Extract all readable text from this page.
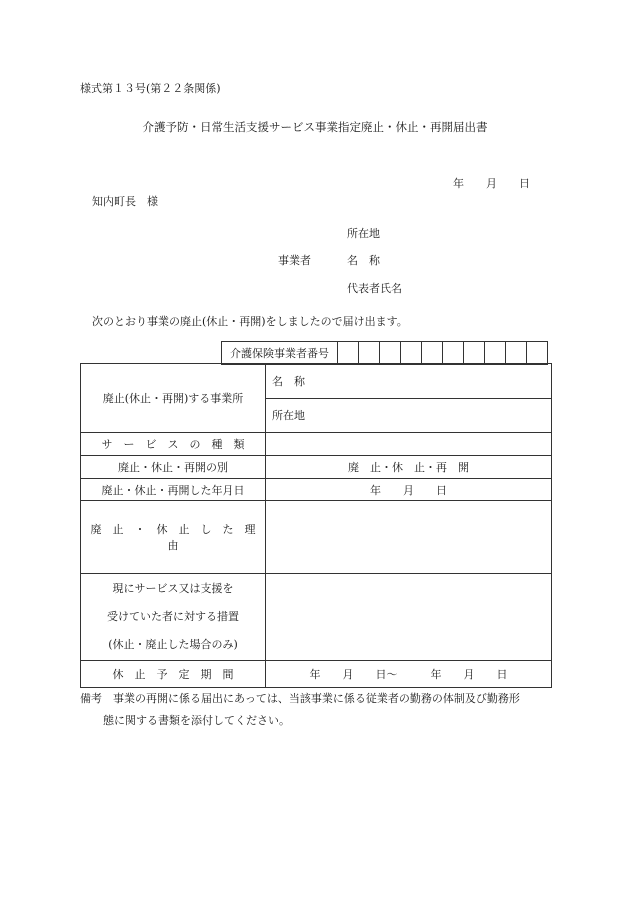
様式第１３号(第２２条関係)
介護予防・日常生活支援サービス事業指定廃止・休止・再開届出書
年　　月　　日
知内町長　様
所在地
事業者	名　称
代表者氏名
次のとおり事業の廃止(休止・再開)をしましたので届け出ます。
介護保険事業者番号										
廃止(休止・再開)する事業所	名　称
	所在地
サ　ー　ビ　ス　の　種　類	
廃止・休止・再開の別	廃　止・休　止・再　開
廃止・休止・再開した年月日	年　　月　　日
廃　止　・　休　止　し　た　理　由	

現にサービス又は支援を
受けていた者に対する措置
(休止・廃止した場合のみ)	

休　止　予　定　期　間	年　　月　　日～　　　年　　月　　日
備考　事業の再開に係る届出にあっては、当該事業に係る従業者の勤務の体制及び勤務形
態に関する書類を添付してください。
